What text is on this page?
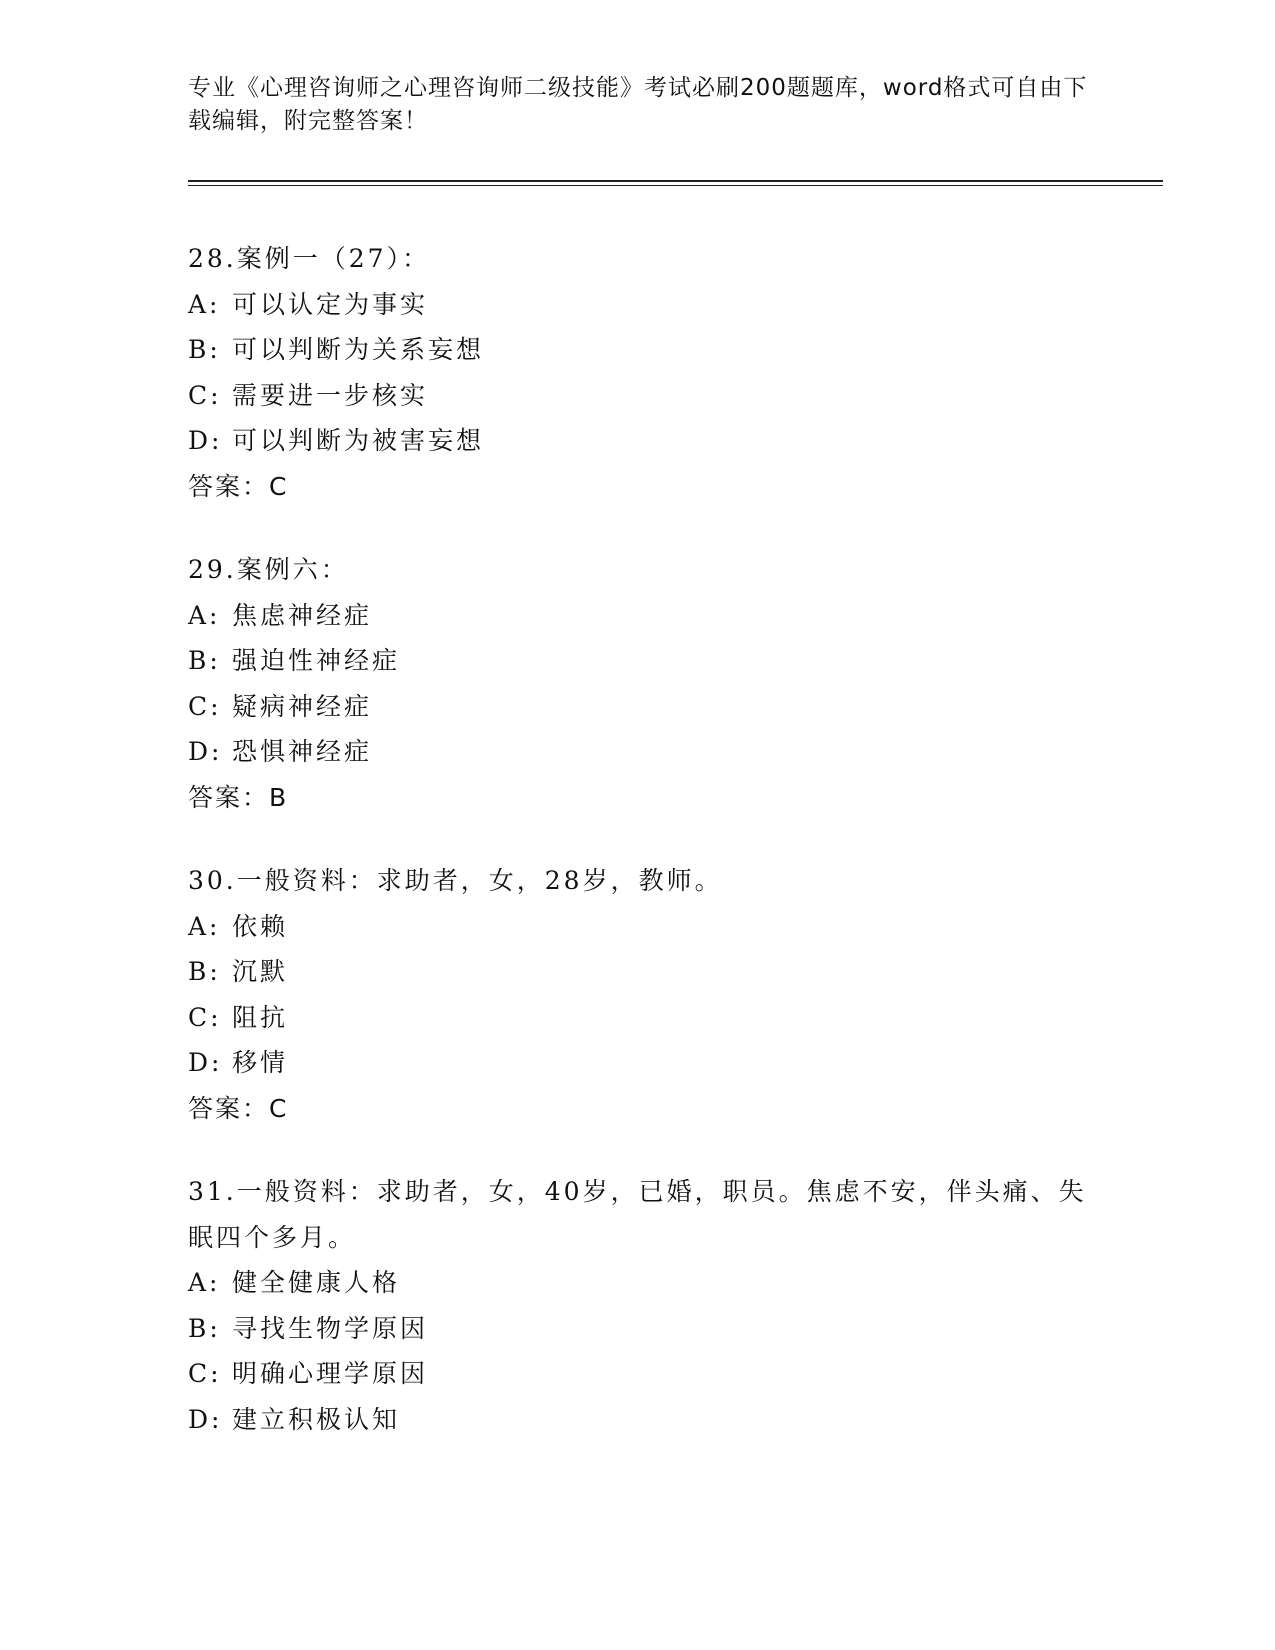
专业《心理咨询师之心理咨询师二级技能》考试必刷200题题库，word格式可自由下载编辑，附完整答案！
28.案例一（27）：
A: 可以认定为事实
B: 可以判断为关系妄想
C: 需要进一步核实
D: 可以判断为被害妄想
答案：C
29.案例六：
A: 焦虑神经症
B: 强迫性神经症
C: 疑病神经症
D: 恐惧神经症
答案：B
30.一般资料：求助者，女，28岁，教师。
A: 依赖
B: 沉默
C: 阻抗
D: 移情
答案：C
31.一般资料：求助者，女，40岁，已婚，职员。焦虑不安，伴头痛、失眠四个多月。
A: 健全健康人格
B: 寻找生物学原因
C: 明确心理学原因
D: 建立积极认知
